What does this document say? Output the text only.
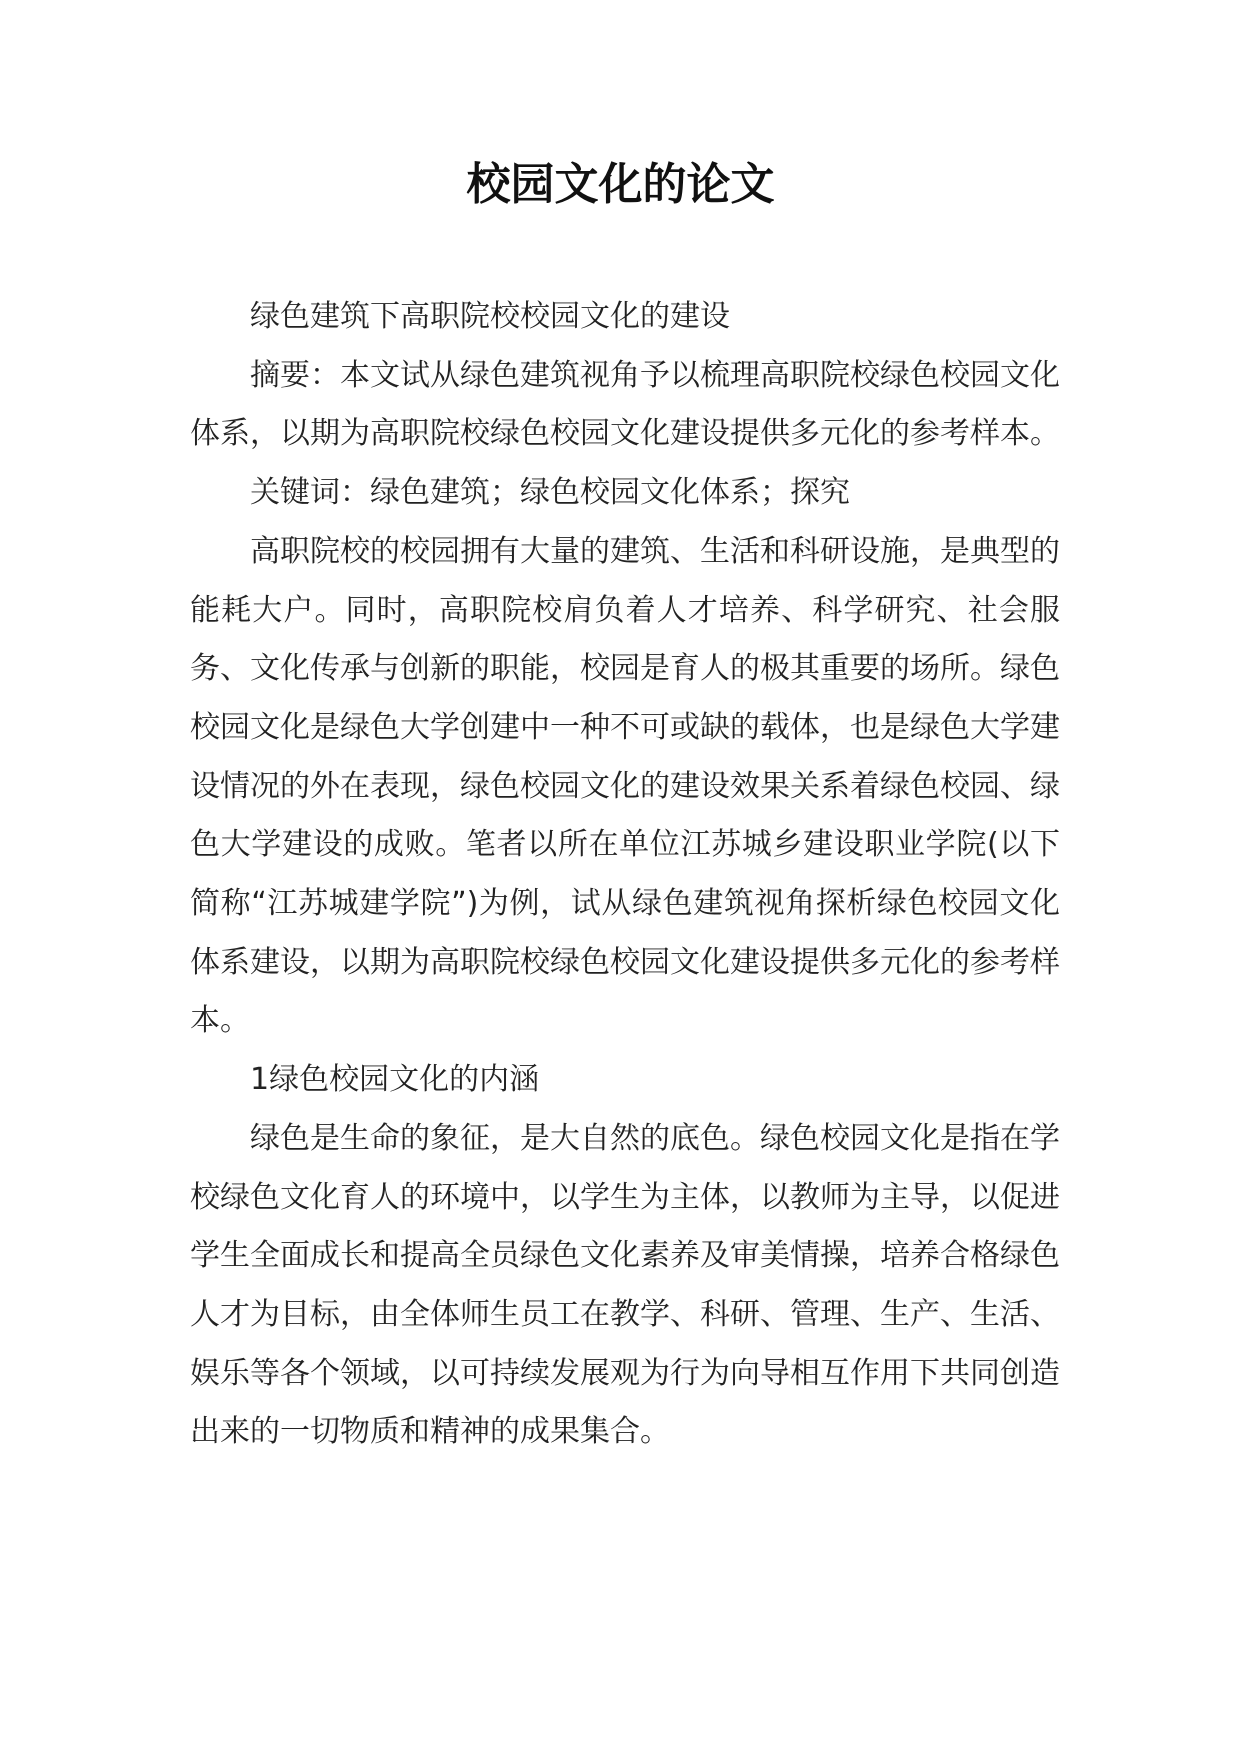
校园文化的论文

绿色建筑下高职院校校园文化的建设

摘要：本文试从绿色建筑视角予以梳理高职院校绿色校园文化体系，以期为高职院校绿色校园文化建设提供多元化的参考样本。

关键词：绿色建筑；绿色校园文化体系；探究

高职院校的校园拥有大量的建筑、生活和科研设施，是典型的能耗大户。同时，高职院校肩负着人才培养、科学研究、社会服务、文化传承与创新的职能，校园是育人的极其重要的场所。绿色校园文化是绿色大学创建中一种不可或缺的载体，也是绿色大学建设情况的外在表现，绿色校园文化的建设效果关系着绿色校园、绿色大学建设的成败。笔者以所在单位江苏城乡建设职业学院(以下简称“江苏城建学院”)为例，试从绿色建筑视角探析绿色校园文化体系建设，以期为高职院校绿色校园文化建设提供多元化的参考样本。

1绿色校园文化的内涵

绿色是生命的象征，是大自然的底色。绿色校园文化是指在学校绿色文化育人的环境中，以学生为主体，以教师为主导，以促进学生全面成长和提高全员绿色文化素养及审美情操，培养合格绿色人才为目标，由全体师生员工在教学、科研、管理、生产、生活、娱乐等各个领域，以可持续发展观为行为向导相互作用下共同创造出来的一切物质和精神的成果集合。
